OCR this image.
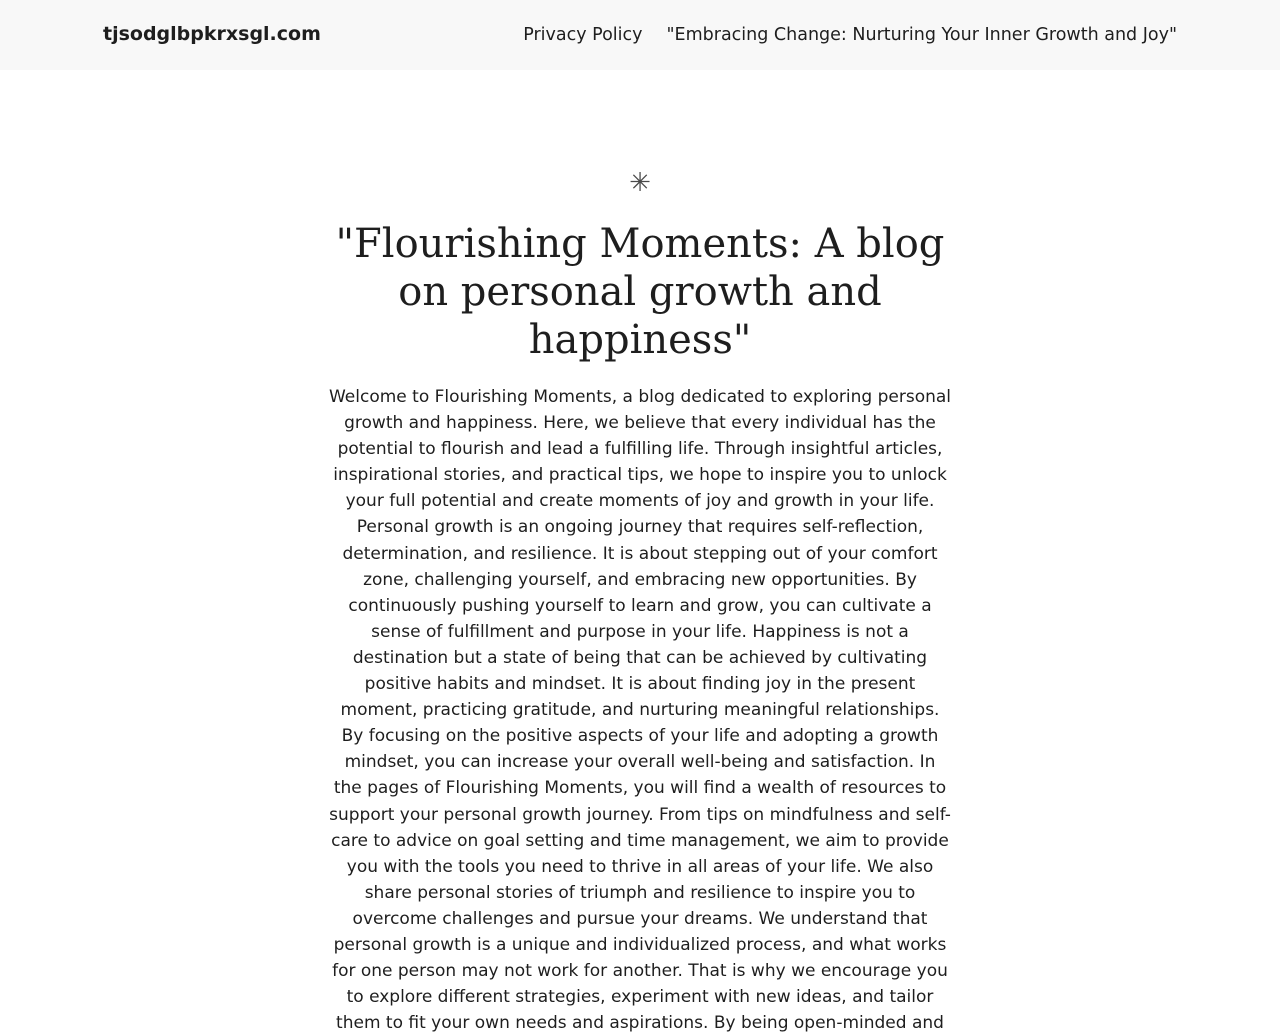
tjsodglbpkrxsgl.com	Privacy Policy "Embracing Change: Nurturing Your Inner Growth and Joy"
✳
"Flourishing Moments: A blog on personal growth and happiness"

Welcome to Flourishing Moments, a blog dedicated to exploring personal growth and happiness. Here, we believe that every individual has the potential to flourish and lead a fulfilling life. Through insightful articles, inspirational stories, and practical tips, we hope to inspire you to unlock your full potential and create moments of joy and growth in your life. Personal growth is an ongoing journey that requires self-reflection, determination, and resilience. It is about stepping out of your comfort zone, challenging yourself, and embracing new opportunities. By continuously pushing yourself to learn and grow, you can cultivate a sense of fulfillment and purpose in your life. Happiness is not a destination but a state of being that can be achieved by cultivating positive habits and mindset. It is about finding joy in the present moment, practicing gratitude, and nurturing meaningful relationships. By focusing on the positive aspects of your life and adopting a growth mindset, you can increase your overall well-being and satisfaction. In the pages of Flourishing Moments, you will find a wealth of resources to support your personal growth journey. From tips on mindfulness and self-care to advice on goal setting and time management, we aim to provide you with the tools you need to thrive in all areas of your life. We also share personal stories of triumph and resilience to inspire you to overcome challenges and pursue your dreams. We understand that personal growth is a unique and individualized process, and what works for one person may not work for another. That is why we encourage you to explore different strategies, experiment with new ideas, and tailor them to fit your own needs and aspirations. By being open-minded and
